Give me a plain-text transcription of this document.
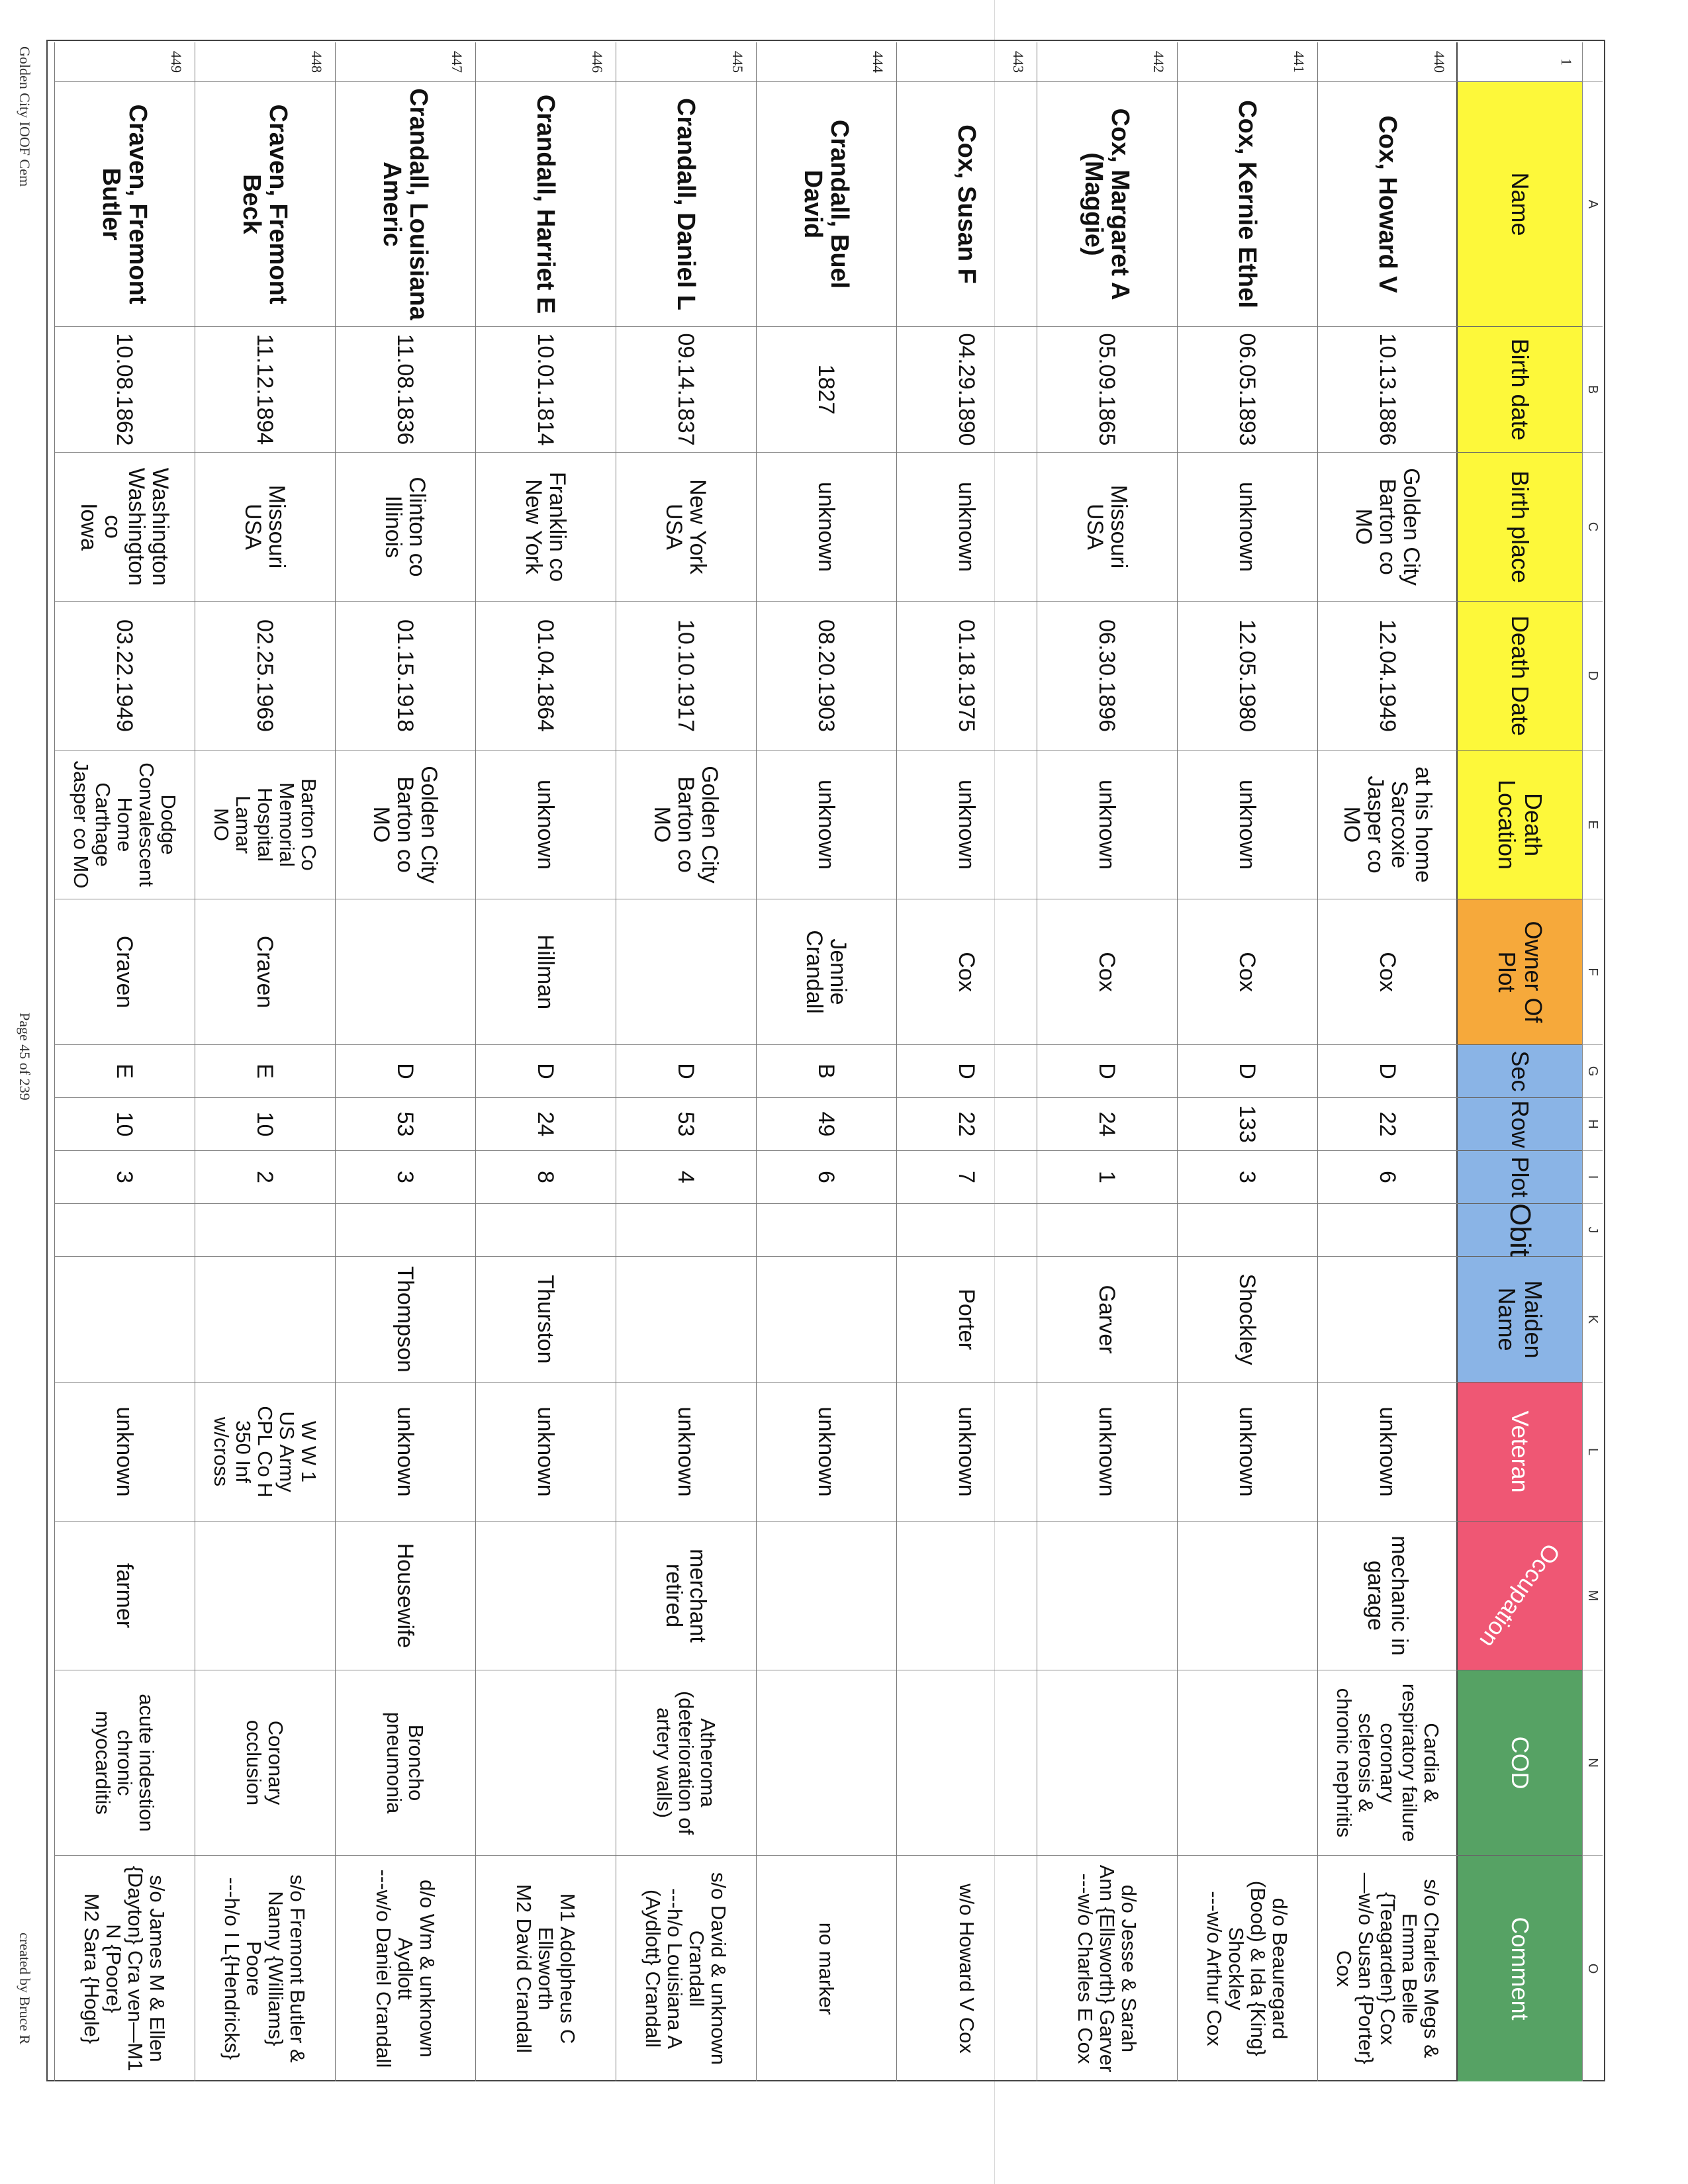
A
B
C
D
E
F
G
H
I
J
K
L
M
N
O
1
Name
Birth date
Birth place
Death Date
Death Location
Owner Of Plot
Sec
Row
Plot
Obit
Maiden Name
Veteran
Occupation
COD
Comment
440
Cox, Howard V
10.13.1886
Golden City
Barton co
MO
12.04.1949
at his home
Sarcoxie
Jasper co
MO
Cox
D
22
6
unknown
mechanic in
garage
Cardia &
respiratory failure
coronary
sclerosis &
chronic nephritis
s/o Charles Megs &
Emma Belle
{Teagarden} Cox
—w/o Susan {Porter}
Cox
441
Cox, Kernie Ethel
06.05.1893
unknown
12.05.1980
unknown
Cox
D
133
3
Shockley
unknown
d/o Beauregard
(Bood) & Ida {King}
Shockley
---w/o Arthur Cox
442
Cox, Margaret A
(Maggie)
05.09.1865
Missouri
USA
06.30.1896
unknown
Cox
D
24
1
Garver
unknown
d/o Jesse & Sarah
Ann {Ellsworth} Garver
---w/o Charles E Cox
443
Cox, Susan F
04.29.1890
unknown
01.18.1975
unknown
Cox
D
22
7
Porter
unknown
w/o Howard V Cox
444
Crandall, Buel
David
1827
unknown
08.20.1903
unknown
Jennie
Crandall
B
49
6
unknown
no marker
445
Crandall, Daniel L
09.14.1837
New York
USA
10.10.1917
Golden City
Barton co
MO
D
53
4
unknown
merchant
retired
Atheroma
(deterioration of
artery walls)
s/o David & unknown
Crandall
---h/o Louisiana A
(Aydlott} Crandall
446
Crandall, Harriet E
10.01.1814
Franklin co
New York
01.04.1864
unknown
Hillman
D
24
8
Thurston
unknown
M1 Adolpheus C
Ellsworth
M2 David Crandall
447
Crandall, Louisiana
Americ
11.08.1836
Clinton co
Illinois
01.15.1918
Golden City
Barton co
MO
D
53
3
Thompson
unknown
Housewife
Broncho
pneumonia
d/o Wm & unknown
Aydlott
---w/o Daniel Crandall
448
Craven, Fremont
Beck
11.12.1894
Missouri
USA
02.25.1969
Barton Co
Memorial
Hospital
Lamar
MO
Craven
E
10
2
W W 1
US Army
CPL Co H
350 Inf
w/cross
Coronary
occlusion
s/o Fremont Butler &
Nanny {Williams}
Poore
---h/o I L{Hendricks}
449
Craven, Fremont
Butler
10.08.1862
Washington
Washington
co
Iowa
03.22.1949
Dodge
Convalescent
Home
Carthage
Jasper co MO
Craven
E
10
3
unknown
farmer
acute indestion
chronic
myocarditis
s/o James M & Ellen
{Dayton} Cra ven—M1
N {Poore}
M2 Sara {Hogle}
Golden City IOOF Cem
Page 45 of 239
created by Bruce R
